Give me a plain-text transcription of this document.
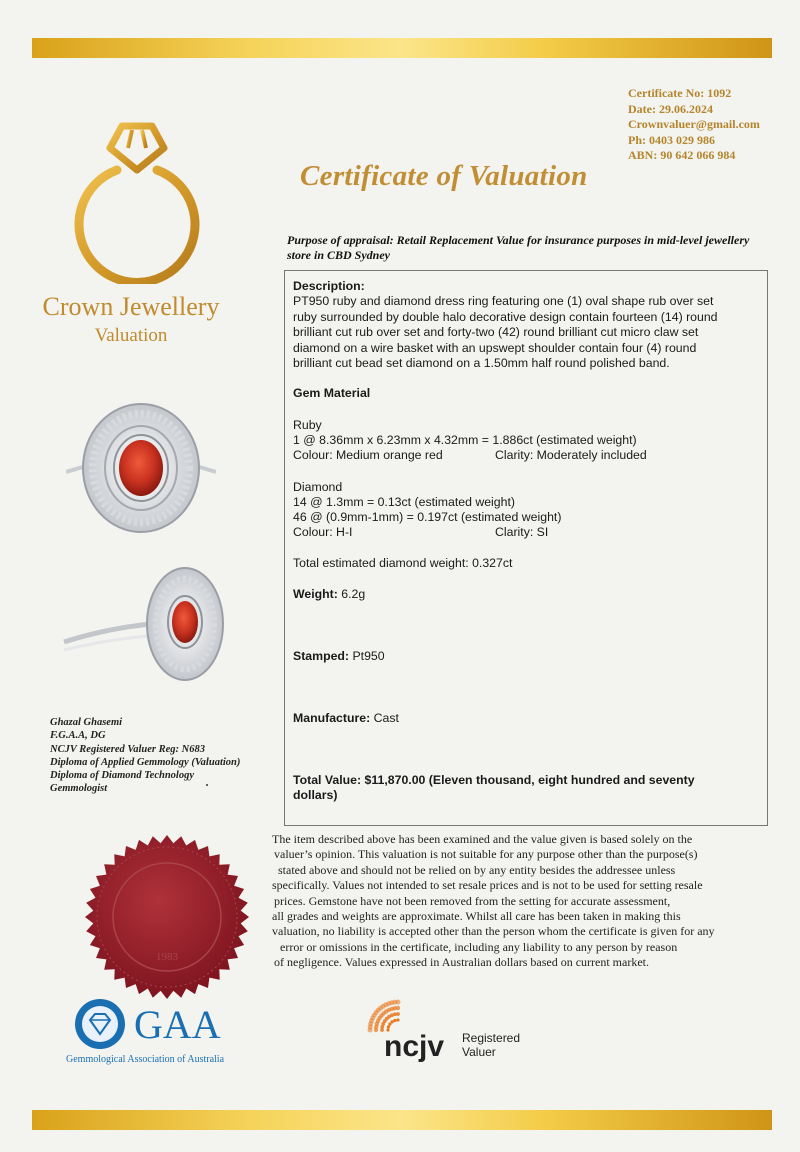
Certificate No: 1092
Date: 29.06.2024
Crownvaluer@gmail.com
Ph: 0403 029 986
ABN: 90 642 066 984
Certificate of Valuation
Crown Jewellery
Valuation
Purpose of appraisal: Retail Replacement Value for insurance purposes in mid-level jewellery store in CBD Sydney
Description:
PT950 ruby and diamond dress ring featuring one (1) oval shape rub over set
ruby surrounded by double halo decorative design contain fourteen (14) round
brilliant cut rub over set and forty-two (42) round brilliant cut micro claw set
diamond on a wire basket with an upswept shoulder contain four (4) round
brilliant cut bead set diamond on a 1.50mm half round polished band.
Gem Material
Ruby
1 @ 8.36mm x 6.23mm x 4.32mm = 1.886ct (estimated weight)
Colour: Medium orange red	Clarity: Moderately included
Diamond
14 @ 1.3mm = 0.13ct (estimated weight)
46 @ (0.9mm-1mm) = 0.197ct (estimated weight)
Colour: H-I	Clarity: SI
Total estimated diamond weight: 0.327ct
Weight: 6.2g
Stamped: Pt950
Manufacture: Cast
Total Value: $11,870.00 (Eleven thousand, eight hundred and seventy
dollars)
Ghazal Ghasemi
F.G.A.A, DG
NCJV Registered Valuer Reg: N683
Diploma of Applied Gemmology (Valuation)
Diploma of Diamond Technology
Gemmologist
1983
The item described above has been examined and the value given is based solely on the
valuer’s opinion. This valuation is not suitable for any purpose other than the purpose(s)
stated above and should not be relied on by any entity besides the addressee unless
specifically. Values not intended to set resale prices and is not to be used for setting resale
prices. Gemstone have not been removed from the setting for accurate assessment,
all grades and weights are approximate. Whilst all care has been taken in making this
valuation, no liability is accepted other than the person whom the certificate is given for any
error or omissions in the certificate, including any liability to any person by reason
of negligence. Values expressed in Australian dollars based on current market.
GAA
Gemmological Association of Australia	ncjv Registered
Valuer
